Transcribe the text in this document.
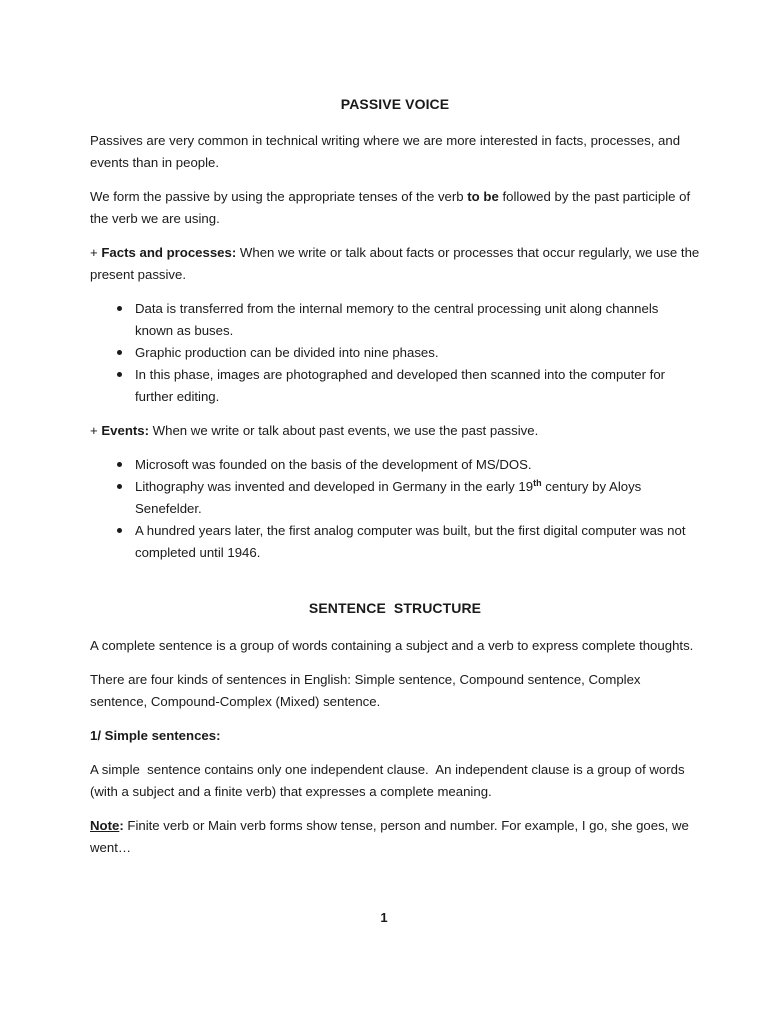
PASSIVE VOICE

Passives are very common in technical writing where we are more interested in facts, processes, and events than in people.

We form the passive by using the appropriate tenses of the verb to be followed by the past participle of the verb we are using.

+ Facts and processes: When we write or talk about facts or processes that occur regularly, we use the present passive.

Data is transferred from the internal memory to the central processing unit along channels known as buses.
Graphic production can be divided into nine phases.
In this phase, images are photographed and developed then scanned into the computer for further editing.

+ Events: When we write or talk about past events, we use the past passive.

Microsoft was founded on the basis of the development of MS/DOS.
Lithography was invented and developed in Germany in the early 19th century by Aloys Senefelder.
A hundred years later, the first analog computer was built, but the first digital computer was not completed until 1946.
SENTENCE  STRUCTURE

A complete sentence is a group of words containing a subject and a verb to express complete thoughts.

There are four kinds of sentences in English: Simple sentence, Compound sentence, Complex sentence, Compound-Complex (Mixed) sentence.

1/ Simple sentences:

A simple  sentence contains only one independent clause.  An independent clause is a group of words (with a subject and a finite verb) that expresses a complete meaning.

Note: Finite verb or Main verb forms show tense, person and number. For example, I go, she goes, we went…

1
